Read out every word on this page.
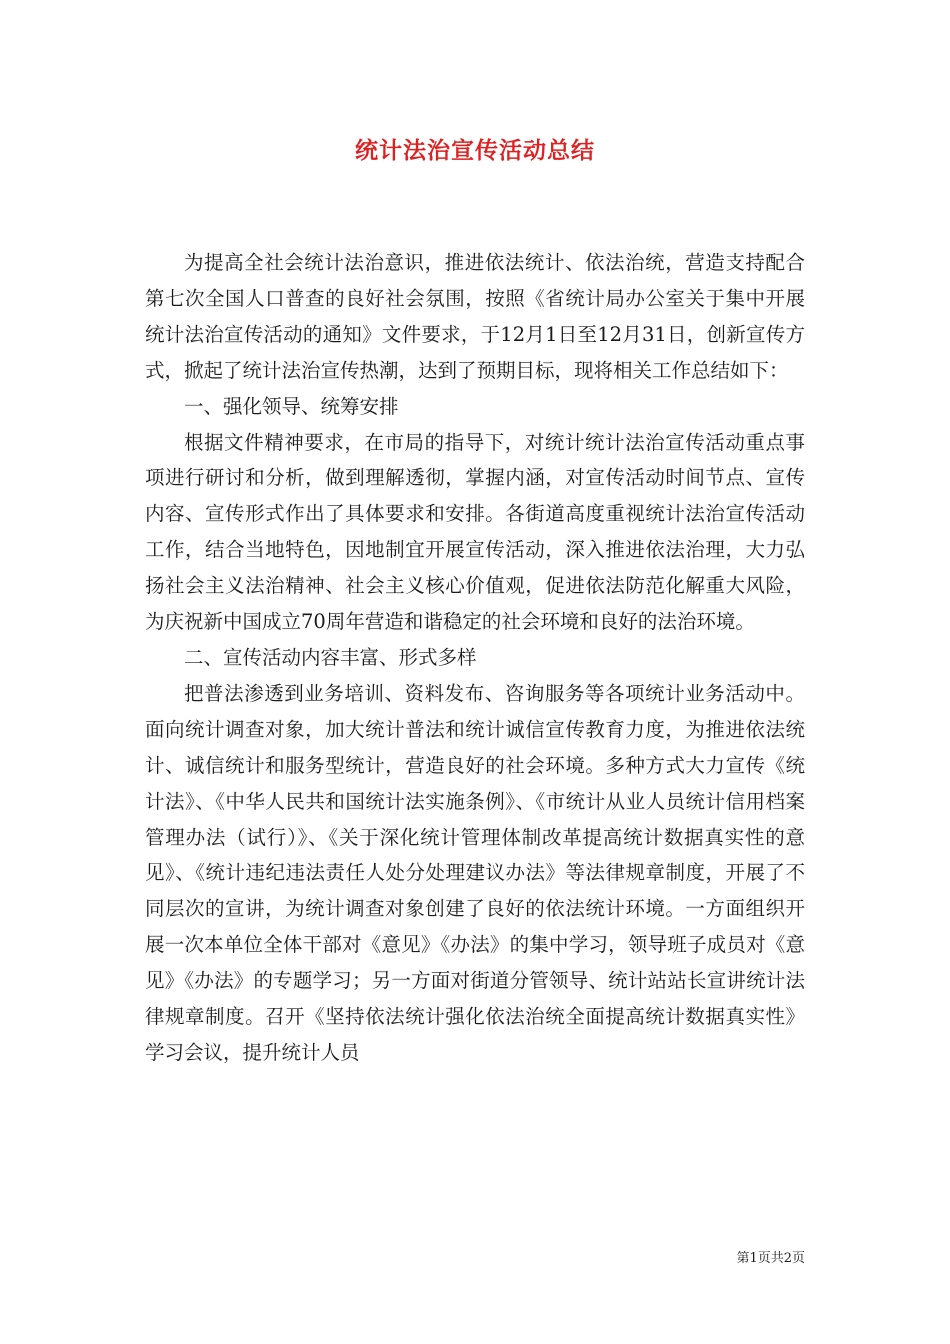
统计法治宣传活动总结

为提高全社会统计法治意识，推进依法统计、依法治统，营造支持配合第七次全国人口普查的良好社会氛围，按照《省统计局办公室关于集中开展统计法治宣传活动的通知》文件要求，于12月1日至12月31日，创新宣传方式，掀起了统计法治宣传热潮，达到了预期目标，现将相关工作总结如下：

一、强化领导、统筹安排

根据文件精神要求，在市局的指导下，对统计统计法治宣传活动重点事项进行研讨和分析，做到理解透彻，掌握内涵，对宣传活动时间节点、宣传内容、宣传形式作出了具体要求和安排。各街道高度重视统计法治宣传活动工作，结合当地特色，因地制宜开展宣传活动，深入推进依法治理，大力弘扬社会主义法治精神、社会主义核心价值观，促进依法防范化解重大风险，为庆祝新中国成立70周年营造和谐稳定的社会环境和良好的法治环境。

二、宣传活动内容丰富、形式多样

把普法渗透到业务培训、资料发布、咨询服务等各项统计业务活动中。面向统计调查对象，加大统计普法和统计诚信宣传教育力度，为推进依法统计、诚信统计和服务型统计，营造良好的社会环境。多种方式大力宣传《统计法》、《中华人民共和国统计法实施条例》、《市统计从业人员统计信用档案管理办法（试行）》、《关于深化统计管理体制改革提高统计数据真实性的意见》、《统计违纪违法责任人处分处理建议办法》等法律规章制度，开展了不同层次的宣讲，为统计调查对象创建了良好的依法统计环境。一方面组织开展一次本单位全体干部对《意见》《办法》的集中学习，领导班子成员对《意见》《办法》的专题学习；另一方面对街道分管领导、统计站站长宣讲统计法律规章制度。召开《坚持依法统计强化依法治统全面提高统计数据真实性》学习会议，提升统计人员

第1页共2页
